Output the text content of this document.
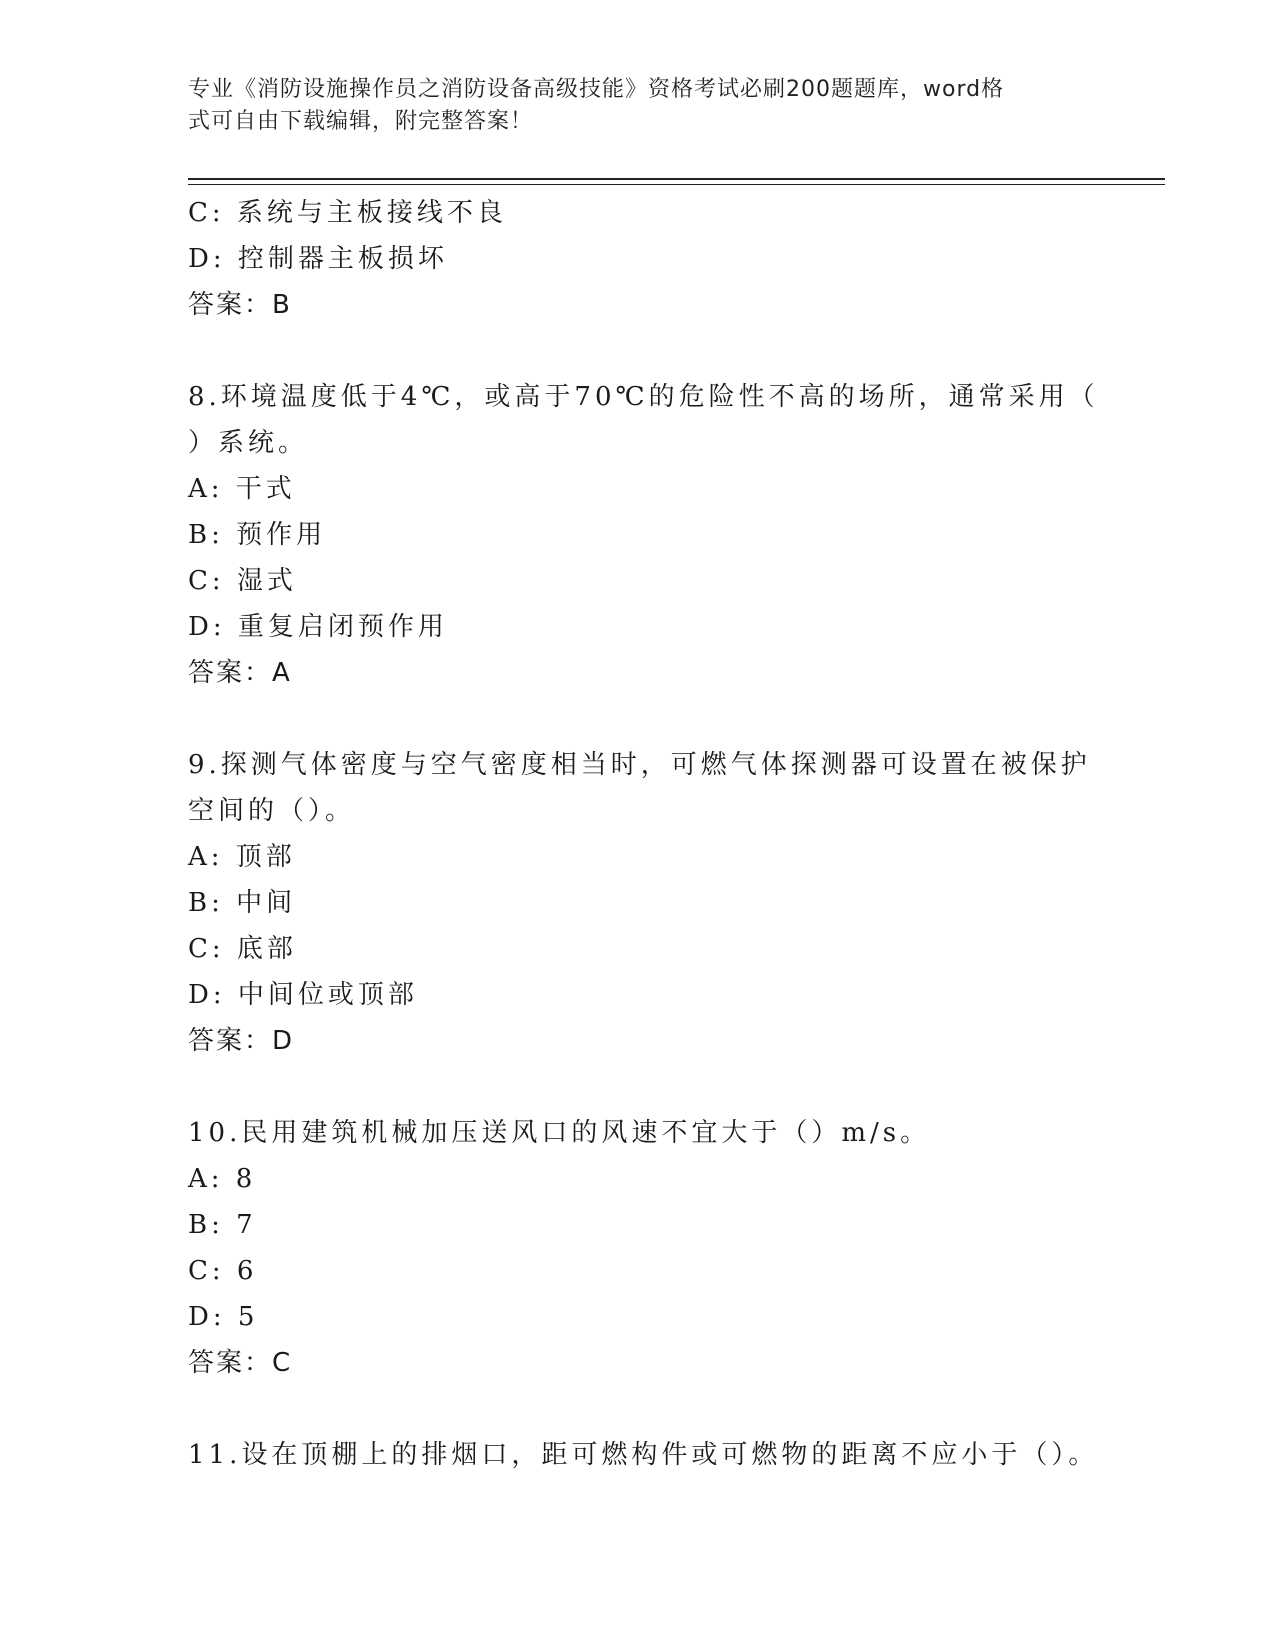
专业《消防设施操作员之消防设备高级技能》资格考试必刷200题题库，word格
式可自由下载编辑，附完整答案！
C: 系统与主板接线不良
D: 控制器主板损坏
答案：B
8.环境温度低于4℃，或高于70℃的危险性不高的场所，通常采用（
）系统。
A: 干式
B: 预作用
C: 湿式
D: 重复启闭预作用
答案：A
9.探测气体密度与空气密度相当时，可燃气体探测器可设置在被保护
空间的（）。
A: 顶部
B: 中间
C: 底部
D: 中间位或顶部
答案：D
10.民用建筑机械加压送风口的风速不宜大于（）m/s。
A: 8
B: 7
C: 6
D: 5
答案：C
11.设在顶棚上的排烟口，距可燃构件或可燃物的距离不应小于（）。
